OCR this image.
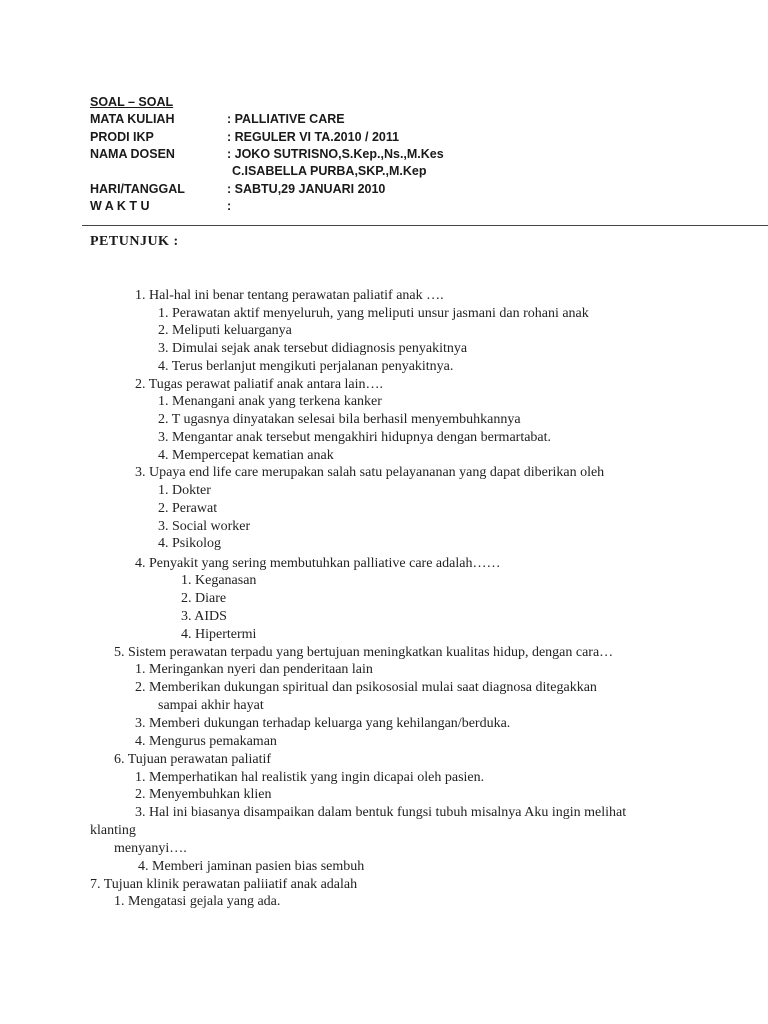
SOAL – SOAL
MATA KULIAH	: PALLIATIVE CARE
PRODI IKP	: REGULER VI TA.2010 / 2011
NAMA DOSEN	: JOKO SUTRISNO,S.Kep.,Ns.,M.Kes
C.ISABELLA PURBA,SKP.,M.Kep
HARI/TANGGAL	: SABTU,29 JANUARI 2010
W A K T U	:
PETUNJUK :
1. Hal-hal ini benar tentang perawatan paliatif anak ….
1. Perawatan aktif menyeluruh, yang meliputi unsur jasmani dan rohani anak
2. Meliputi keluarganya
3. Dimulai sejak anak tersebut didiagnosis penyakitnya
4. Terus berlanjut mengikuti perjalanan penyakitnya.
2. Tugas perawat paliatif anak antara lain….
1. Menangani anak yang terkena kanker
2. T ugasnya dinyatakan selesai bila berhasil menyembuhkannya
3. Mengantar anak tersebut mengakhiri hidupnya dengan bermartabat.
4. Mempercepat kematian anak
3. Upaya end life care merupakan salah satu pelayananan yang dapat diberikan oleh
1. Dokter
2. Perawat
3. Social worker
4. Psikolog
4. Penyakit yang sering membutuhkan palliative care adalah……
1. Keganasan
2. Diare
3. AIDS
4. Hipertermi
5. Sistem perawatan terpadu yang bertujuan meningkatkan kualitas hidup, dengan cara…
1. Meringankan nyeri dan penderitaan lain
2. Memberikan dukungan spiritual dan psikososial mulai saat diagnosa ditegakkan
sampai akhir hayat
3. Memberi dukungan terhadap keluarga yang kehilangan/berduka.
4. Mengurus pemakaman
6. Tujuan perawatan paliatif
1. Memperhatikan hal realistik yang ingin dicapai oleh pasien.
2. Menyembuhkan klien
3. Hal ini biasanya disampaikan dalam bentuk fungsi tubuh misalnya Aku ingin melihat
klanting
menyanyi….
4. Memberi jaminan pasien bias sembuh
7. Tujuan klinik perawatan paliiatif anak adalah
1. Mengatasi gejala yang ada.
